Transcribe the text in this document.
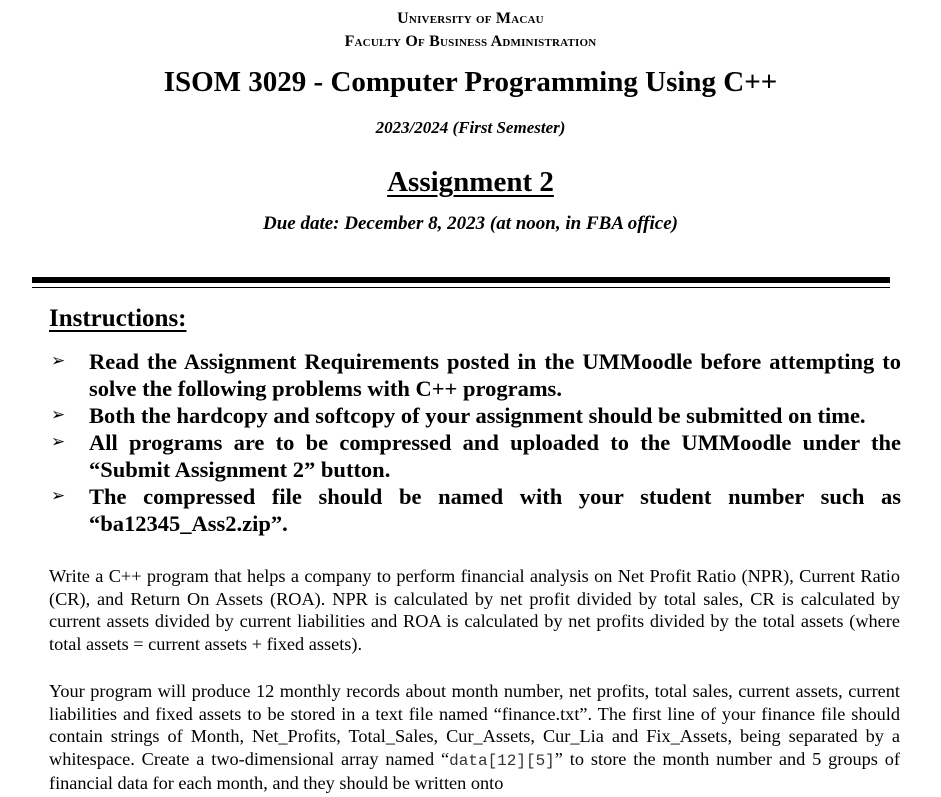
University of Macau
Faculty Of Business Administration
ISOM 3029 - Computer Programming Using C++
2023/2024 (First Semester)
Assignment 2
Due date: December 8, 2023 (at noon, in FBA office)
Instructions:
➢ Read the Assignment Requirements posted in the UMMoodle before attempting to solve the following problems with C++ programs.
➢ Both the hardcopy and softcopy of your assignment should be submitted on time.
➢ All programs are to be compressed and uploaded to the UMMoodle under the “Submit Assignment 2” button.
➢ The compressed file should be named with your student number such as “ba12345_Ass2.zip”.

Write a C++ program that helps a company to perform financial analysis on Net Profit Ratio (NPR), Current Ratio (CR), and Return On Assets (ROA). NPR is calculated by net profit divided by total sales, CR is calculated by current assets divided by current liabilities and ROA is calculated by net profits divided by the total assets (where total assets = current assets + fixed assets).

Your program will produce 12 monthly records about month number, net profits, total sales, current assets, current liabilities and fixed assets to be stored in a text file named “finance.txt”. The first line of your finance file should contain strings of Month, Net_Profits, Total_Sales, Cur_Assets, Cur_Lia and Fix_Assets, being separated by a whitespace. Create a two-dimensional array named “data[12][5]” to store the month number and 5 groups of financial data for each month, and they should be written onto
